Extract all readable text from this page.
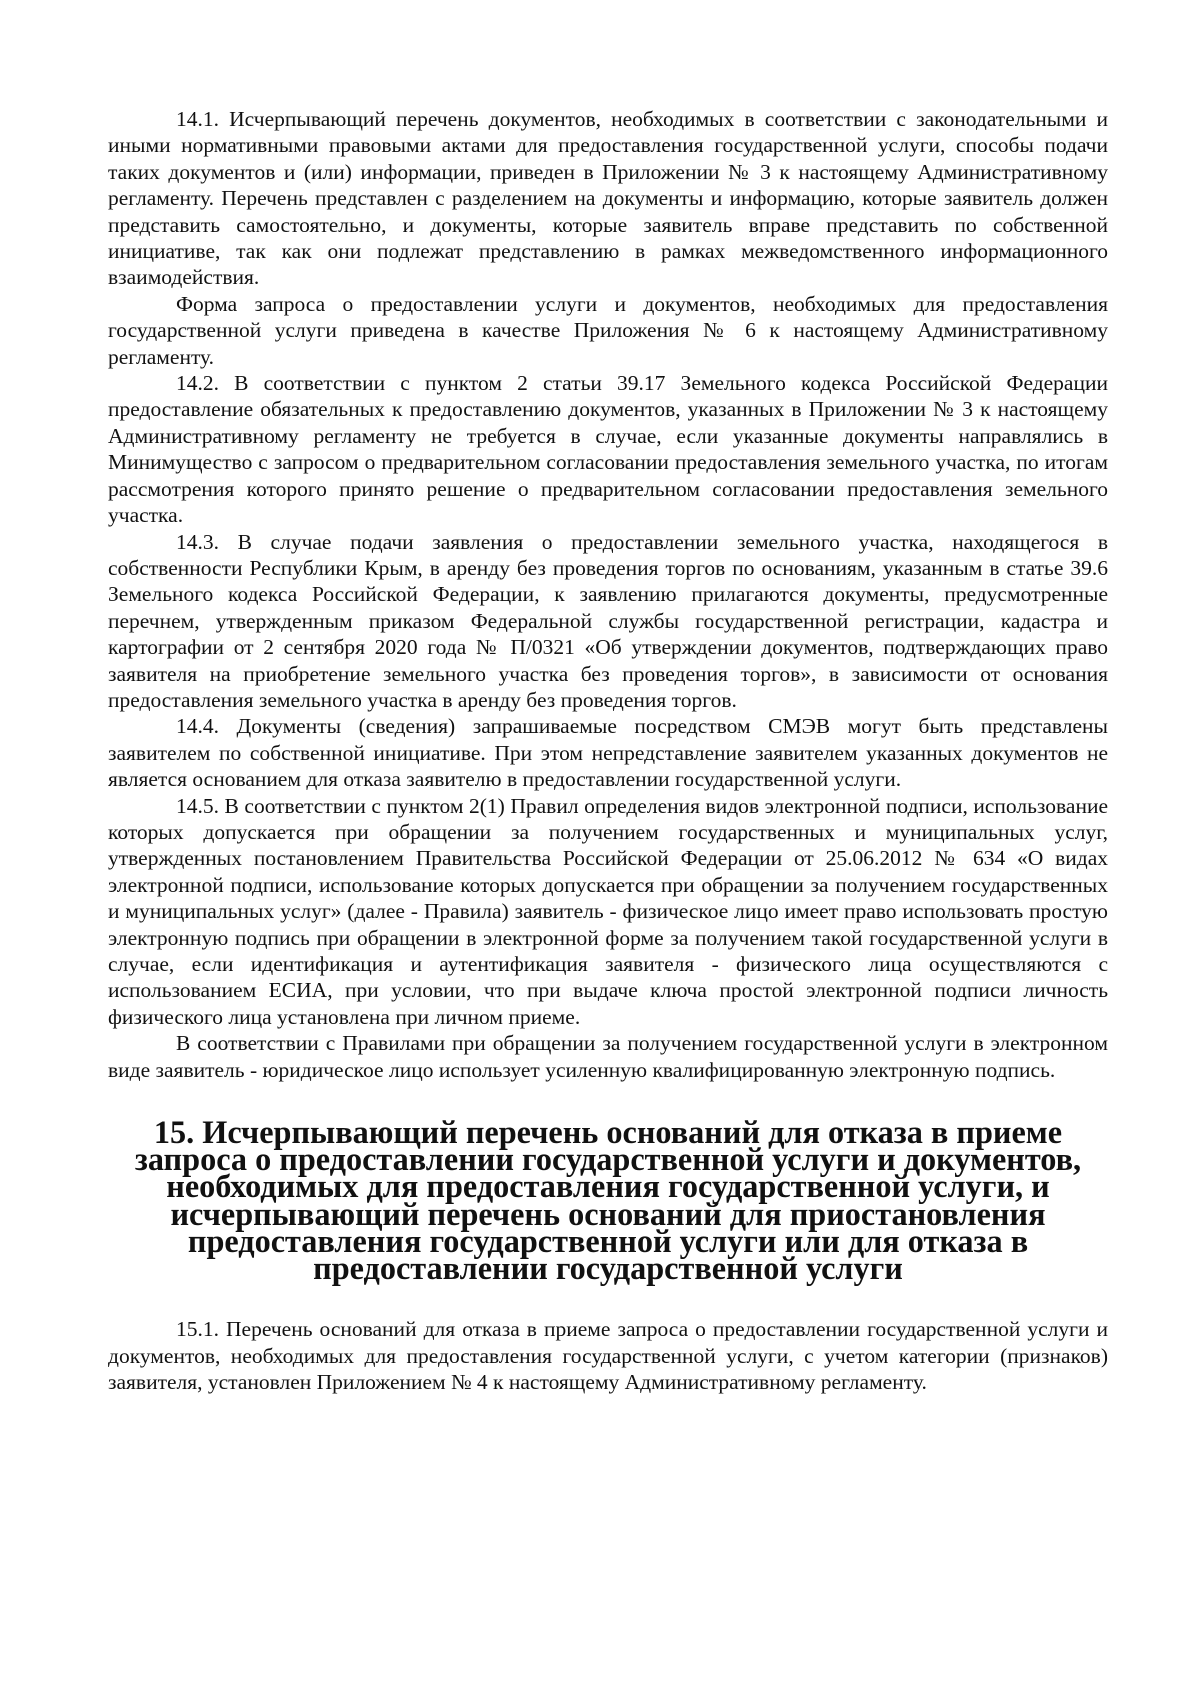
14.1. Исчерпывающий перечень документов, необходимых в соответствии с законодательными и иными нормативными правовыми актами для предоставления государственной услуги, способы подачи таких документов и (или) информации, приведен в Приложении № 3 к настоящему Административному регламенту. Перечень представлен с разделением на документы и информацию, которые заявитель должен представить самостоятельно, и документы, которые заявитель вправе представить по собственной инициативе, так как они подлежат представлению в рамках межведомственного информационного взаимодействия.

Форма запроса о предоставлении услуги и документов, необходимых для предоставления государственной услуги приведена в качестве Приложения № 6 к настоящему Административному регламенту.

14.2. В соответствии с пунктом 2 статьи 39.17 Земельного кодекса Российской Федерации предоставление обязательных к предоставлению документов, указанных в Приложении № 3 к настоящему Административному регламенту не требуется в случае, если указанные документы направлялись в Минимущество с запросом о предварительном согласовании предоставления земельного участка, по итогам рассмотрения которого принято решение о предварительном согласовании предоставления земельного участка.

14.3. В случае подачи заявления о предоставлении земельного участка, находящегося в собственности Республики Крым, в аренду без проведения торгов по основаниям, указанным в статье 39.6 Земельного кодекса Российской Федерации, к заявлению прилагаются документы, предусмотренные перечнем, утвержденным приказом Федеральной службы государственной регистрации, кадастра и картографии от 2 сентября 2020 года № П/0321 «Об утверждении документов, подтверждающих право заявителя на приобретение земельного участка без проведения торгов», в зависимости от основания предоставления земельного участка в аренду без проведения торгов.

14.4. Документы (сведения) запрашиваемые посредством СМЭВ могут быть представлены заявителем по собственной инициативе. При этом непредставление заявителем указанных документов не является основанием для отказа заявителю в предоставлении государственной услуги.

14.5. В соответствии с пунктом 2(1) Правил определения видов электронной подписи, использование которых допускается при обращении за получением государственных и муниципальных услуг, утвержденных постановлением Правительства Российской Федерации от 25.06.2012 № 634 «О видах электронной подписи, использование которых допускается при обращении за получением государственных и муниципальных услуг» (далее - Правила) заявитель - физическое лицо имеет право использовать простую электронную подпись при обращении в электронной форме за получением такой государственной услуги в случае, если идентификация и аутентификация заявителя - физического лица осуществляются с использованием ЕСИА, при условии, что при выдаче ключа простой электронной подписи личность физического лица установлена при личном приеме.

В соответствии с Правилами при обращении за получением государственной услуги в электронном виде заявитель - юридическое лицо использует усиленную квалифицированную электронную подпись.

15. Исчерпывающий перечень оснований для отказа в приеме запроса о предоставлении государственной услуги и документов, необходимых для предоставления государственной услуги, и исчерпывающий перечень оснований для приостановления предоставления государственной услуги или для отказа в предоставлении государственной услуги

15.1. Перечень оснований для отказа в приеме запроса о предоставлении государственной услуги и документов, необходимых для предоставления государственной услуги, с учетом категории (признаков) заявителя, установлен Приложением № 4 к настоящему Административному регламенту.
